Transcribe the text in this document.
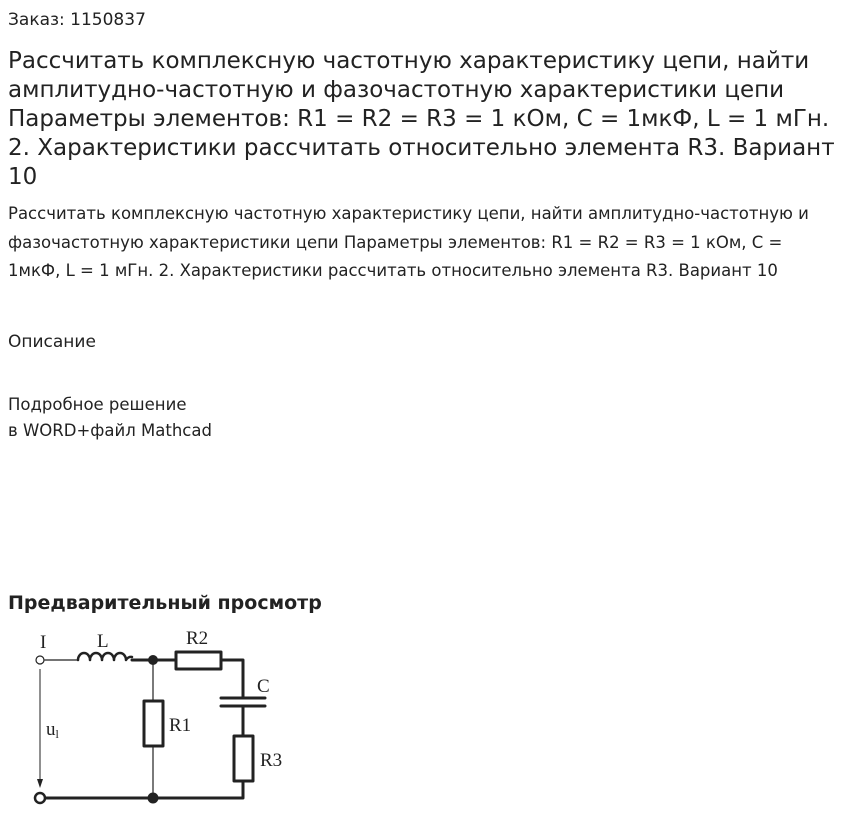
Заказ: 1150837

Рассчитать комплексную частотную характеристику цепи, найти амплитудно-частотную и фазочастотную характеристики цепи Параметры элементов: R1 = R2 = R3 = 1 кОм, С = 1мкФ, L = 1 мГн. 2. Характеристики рассчитать относительно элемента R3. Вариант 10

Рассчитать комплексную частотную характеристику цепи, найти амплитудно-частотную и фазочастотную характеристики цепи Параметры элементов: R1 = R2 = R3 = 1 кОм, С = 1мкФ, L = 1 мГн. 2. Характеристики рассчитать относительно элемента R3. Вариант 10

Описание

Подробное решение
в WORD+файл Mathcad
Предварительный просмотр
I	L	R2
C
R1
R3
ul
